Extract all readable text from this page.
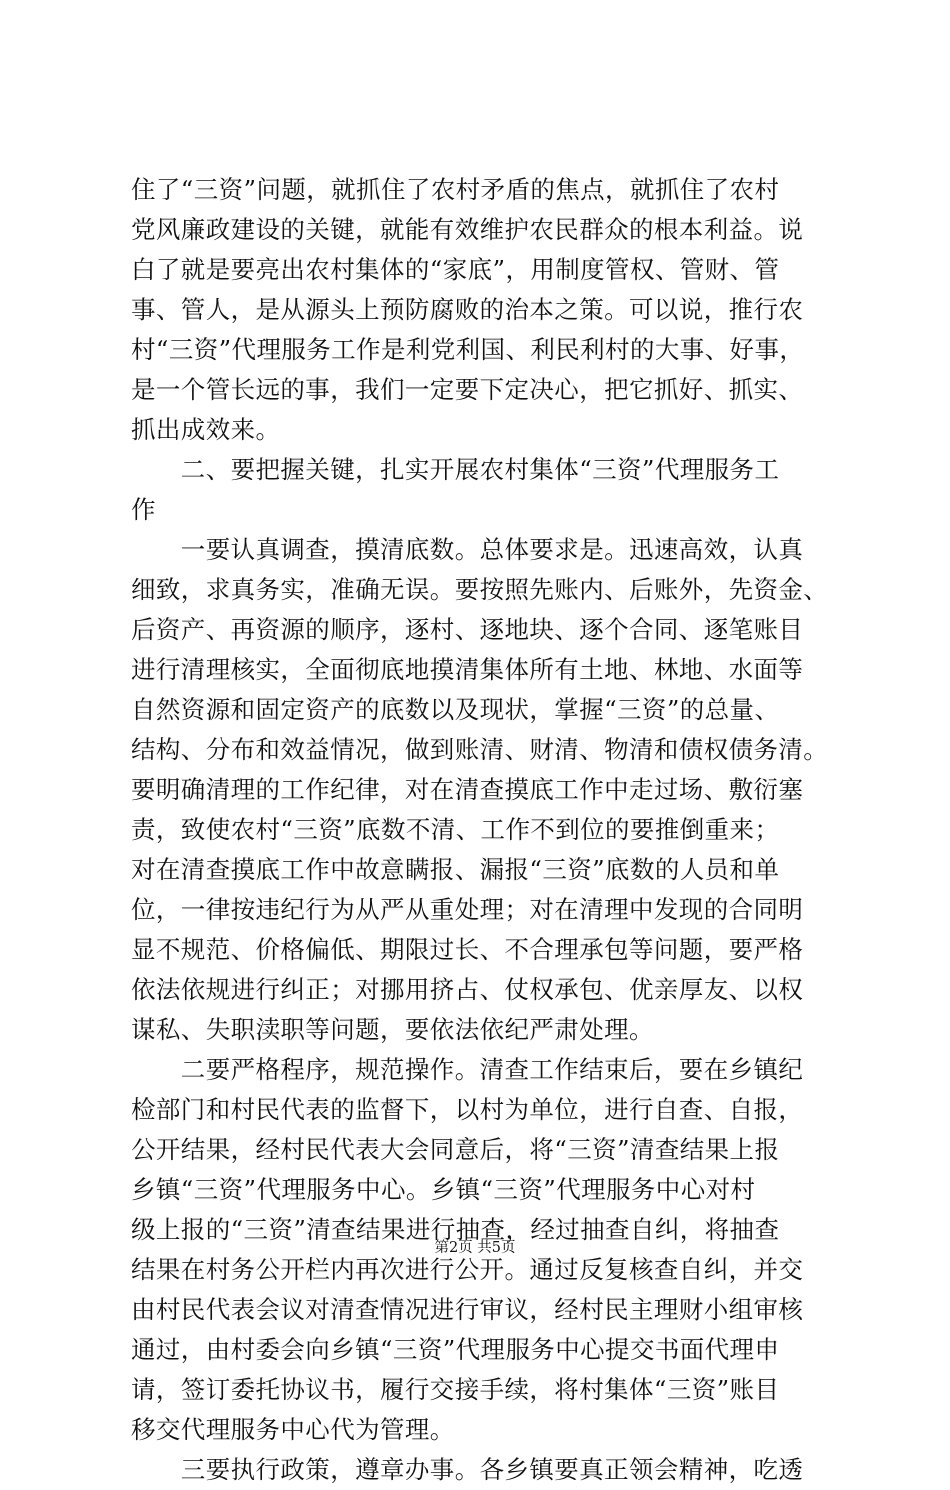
住了“三资”问题，就抓住了农村矛盾的焦点，就抓住了农村
党风廉政建设的关键，就能有效维护农民群众的根本利益。说
白了就是要亮出农村集体的“家底”，用制度管权、管财、管
事、管人，是从源头上预防腐败的治本之策。可以说，推行农
村“三资”代理服务工作是利党利国、利民利村的大事、好事，
是一个管长远的事，我们一定要下定决心，把它抓好、抓实、
抓出成效来。
　　二、要把握关键，扎实开展农村集体“三资”代理服务工
作
　　一要认真调查，摸清底数。总体要求是。迅速高效，认真
细致，求真务实，准确无误。要按照先账内、后账外，先资金、
后资产、再资源的顺序，逐村、逐地块、逐个合同、逐笔账目
进行清理核实，全面彻底地摸清集体所有土地、林地、水面等
自然资源和固定资产的底数以及现状，掌握“三资”的总量、
结构、分布和效益情况，做到账清、财清、物清和债权债务清。
要明确清理的工作纪律，对在清查摸底工作中走过场、敷衍塞
责，致使农村“三资”底数不清、工作不到位的要推倒重来；
对在清查摸底工作中故意瞒报、漏报“三资”底数的人员和单
位，一律按违纪行为从严从重处理；对在清理中发现的合同明
显不规范、价格偏低、期限过长、不合理承包等问题，要严格
依法依规进行纠正；对挪用挤占、仗权承包、优亲厚友、以权
谋私、失职渎职等问题，要依法依纪严肃处理。
　　二要严格程序，规范操作。清查工作结束后，要在乡镇纪
检部门和村民代表的监督下，以村为单位，进行自查、自报，
公开结果，经村民代表大会同意后，将“三资”清查结果上报
乡镇“三资”代理服务中心。乡镇“三资”代理服务中心对村
级上报的“三资”清查结果进行抽查，经过抽查自纠，将抽查
结果在村务公开栏内再次进行公开。通过反复核查自纠，并交
由村民代表会议对清查情况进行审议，经村民主理财小组审核
通过，由村委会向乡镇“三资”代理服务中心提交书面代理申
请，签订委托协议书，履行交接手续，将村集体“三资”账目
移交代理服务中心代为管理。
　　三要执行政策，遵章办事。各乡镇要真正领会精神，吃透
第2页 共5页
